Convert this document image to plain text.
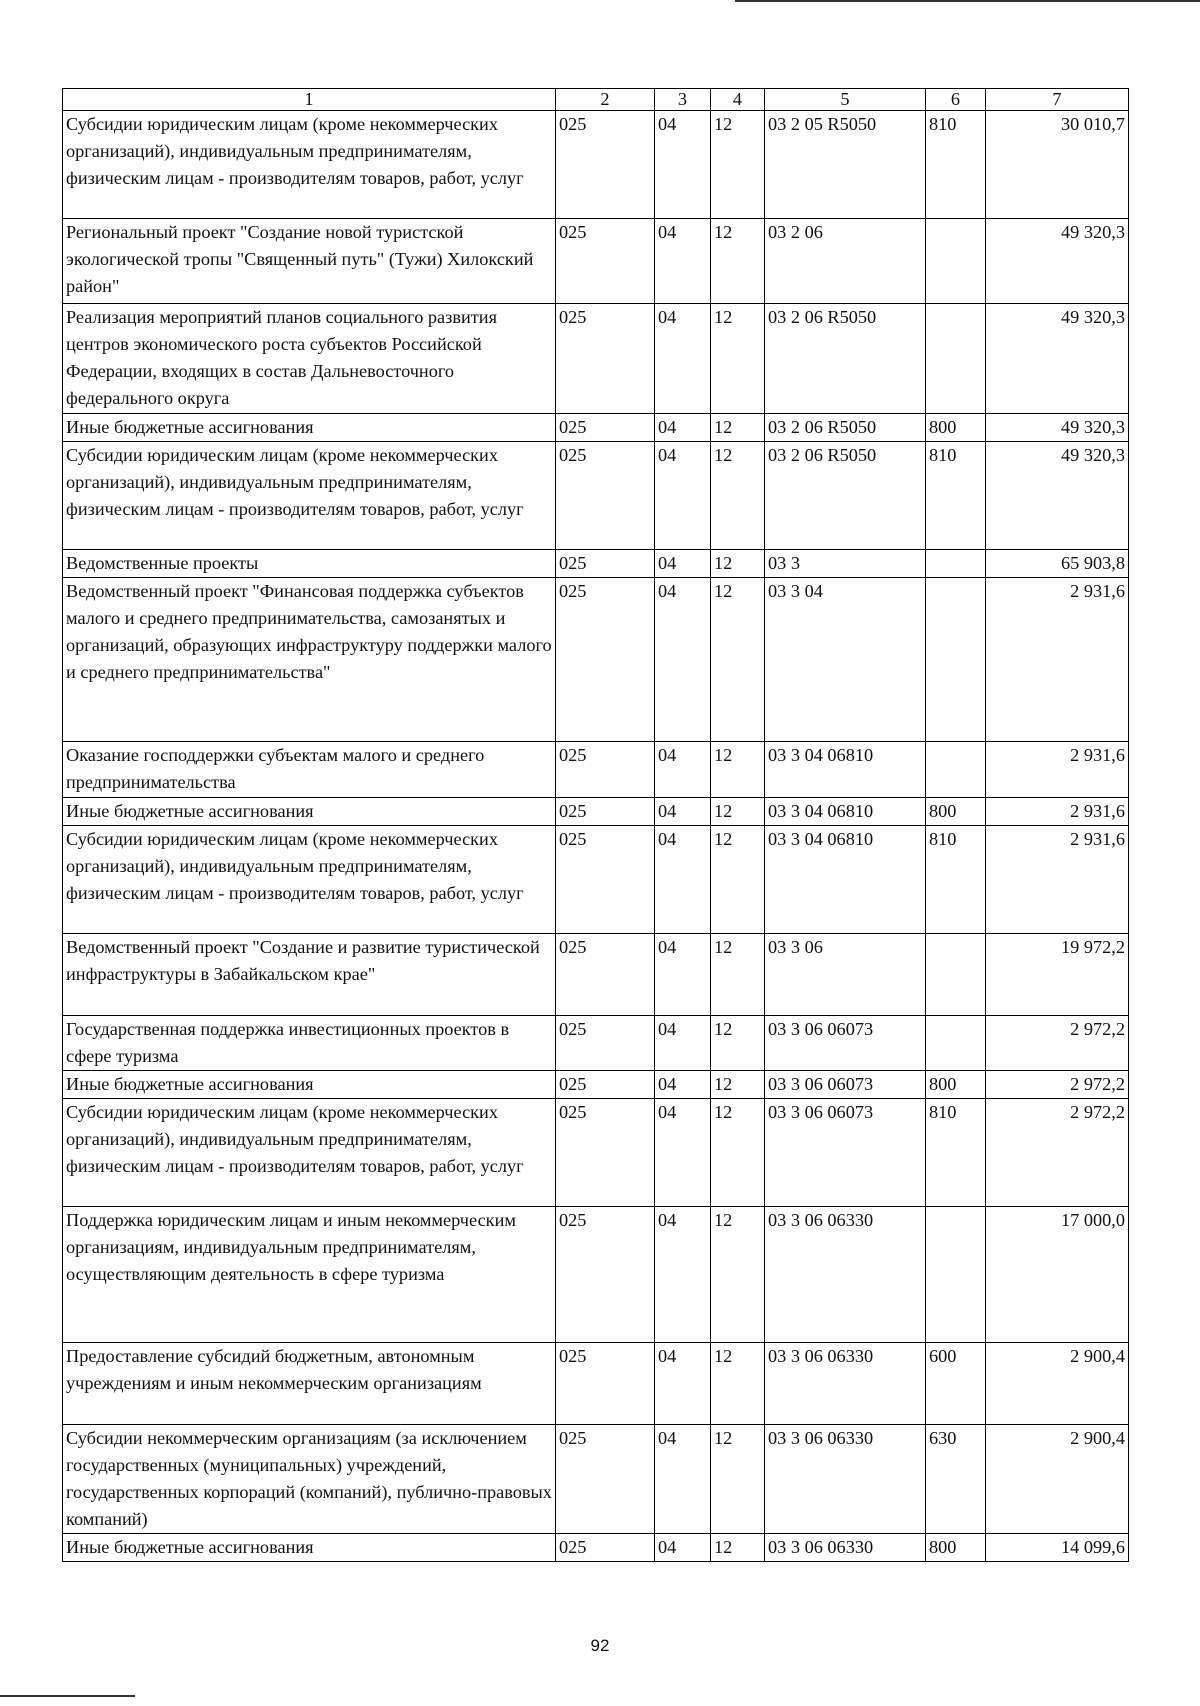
1	2	3	4	5	6	7
Субсидии юридическим лицам (кроме некоммерческих организаций), индивидуальным предпринимателям, физическим лицам - производителям товаров, работ, услуг	025	04	12	03 2 05 R5050	810	30 010,7
Региональный проект "Создание новой туристской экологической тропы "Священный путь" (Тужи) Хилокский район"	025	04	12	03 2 06		49 320,3
Реализация мероприятий планов социального развития центров экономического роста субъектов Российской Федерации, входящих в состав Дальневосточного федерального округа	025	04	12	03 2 06 R5050		49 320,3
Иные бюджетные ассигнования	025	04	12	03 2 06 R5050	800	49 320,3
Субсидии юридическим лицам (кроме некоммерческих организаций), индивидуальным предпринимателям, физическим лицам - производителям товаров, работ, услуг	025	04	12	03 2 06 R5050	810	49 320,3
Ведомственные проекты	025	04	12	03 3		65 903,8
Ведомственный проект "Финансовая поддержка субъектов малого и среднего предпринимательства, самозанятых и организаций, образующих инфраструктуру поддержки малого и среднего предпринимательства"	025	04	12	03 3 04		2 931,6
Оказание господдержки субъектам малого и среднего предпринимательства	025	04	12	03 3 04 06810		2 931,6
Иные бюджетные ассигнования	025	04	12	03 3 04 06810	800	2 931,6
Субсидии юридическим лицам (кроме некоммерческих организаций), индивидуальным предпринимателям, физическим лицам - производителям товаров, работ, услуг	025	04	12	03 3 04 06810	810	2 931,6
Ведомственный проект "Создание и развитие туристической инфраструктуры в Забайкальском крае"	025	04	12	03 3 06		19 972,2
Государственная поддержка инвестиционных проектов в сфере туризма	025	04	12	03 3 06 06073		2 972,2
Иные бюджетные ассигнования	025	04	12	03 3 06 06073	800	2 972,2
Субсидии юридическим лицам (кроме некоммерческих организаций), индивидуальным предпринимателям, физическим лицам - производителям товаров, работ, услуг	025	04	12	03 3 06 06073	810	2 972,2
Поддержка юридическим лицам и иным некоммерческим организациям, индивидуальным предпринимателям, осуществляющим деятельность в сфере туризма	025	04	12	03 3 06 06330		17 000,0
Предоставление субсидий бюджетным, автономным учреждениям и иным некоммерческим организациям	025	04	12	03 3 06 06330	600	2 900,4
Субсидии некоммерческим организациям (за исключением государственных (муниципальных) учреждений, государственных корпораций (компаний), публично-правовых компаний)	025	04	12	03 3 06 06330	630	2 900,4
Иные бюджетные ассигнования	025	04	12	03 3 06 06330	800	14 099,6
92
